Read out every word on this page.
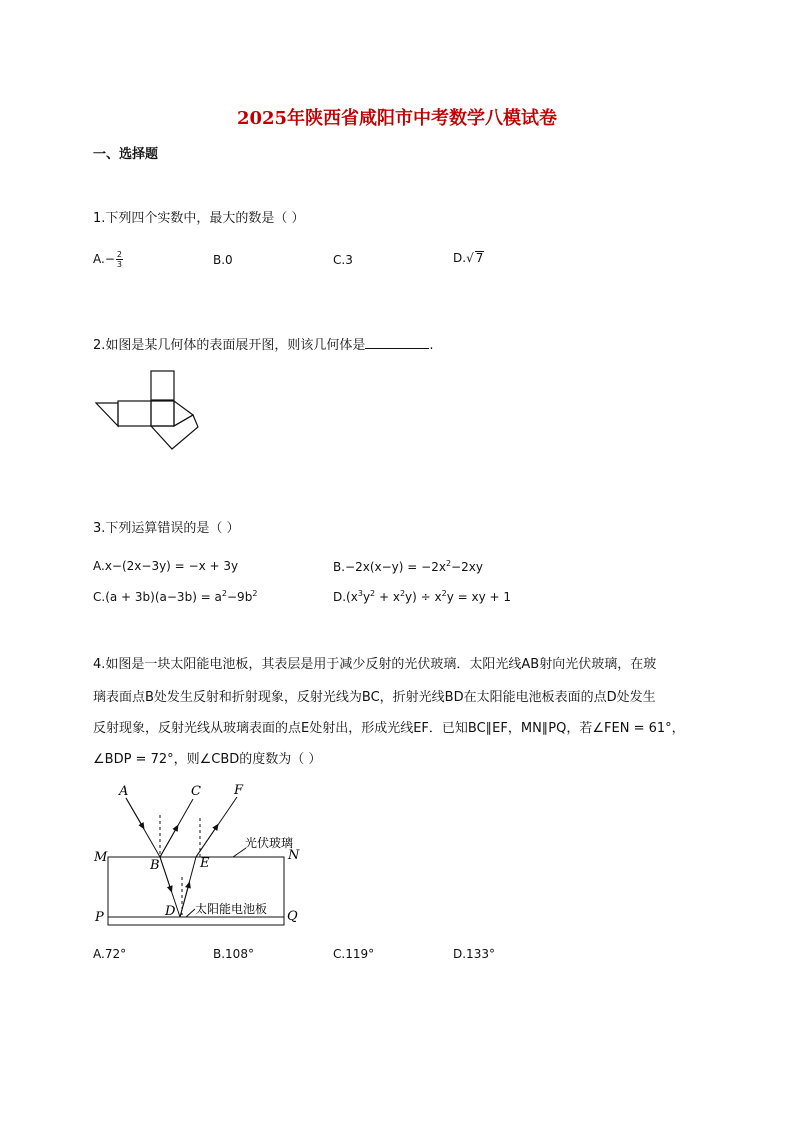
2025年陕西省咸阳市中考数学八模试卷
一、选择题
1.下列四个实数中，最大的数是（ ）
$A.- \frac{2}{3}$	B.0	C.3	D.√ 7
2.如图是某几何体的表面展开图，则该几何体是	.
3.下列运算错误的是（ ）
A.x−(2x−3y) = −x + 3y	$B.-2x(x-y) = -2x^2-2xy$
$C.(a + 3b)(a-3b) = a^2-9b^2$	$D.(x^3y^2 + x^2y) \div x^2y$ = xy + 1
4.如图是一块太阳能电池板，其表层是用于减少反射的光伏玻璃．太阳光线AB射向光伏玻璃，在玻
璃表面点B处发生反射和折射现象，反射光线为BC，折射光线BD在太阳能电池板表面的点D处发生
反射现象，反射光线从玻璃表面的点E处射出，形成光线EF．已知BC∥EF，MN∥PQ，若∠FEN = 61°，
∠BDP = 72°，则∠CBD的度数为（ ）
A	C	F
M	N
B	E
D
P	Q
光伏玻璃
太阳能电池板
A.72°	B.108°	C.119°	D.133°
